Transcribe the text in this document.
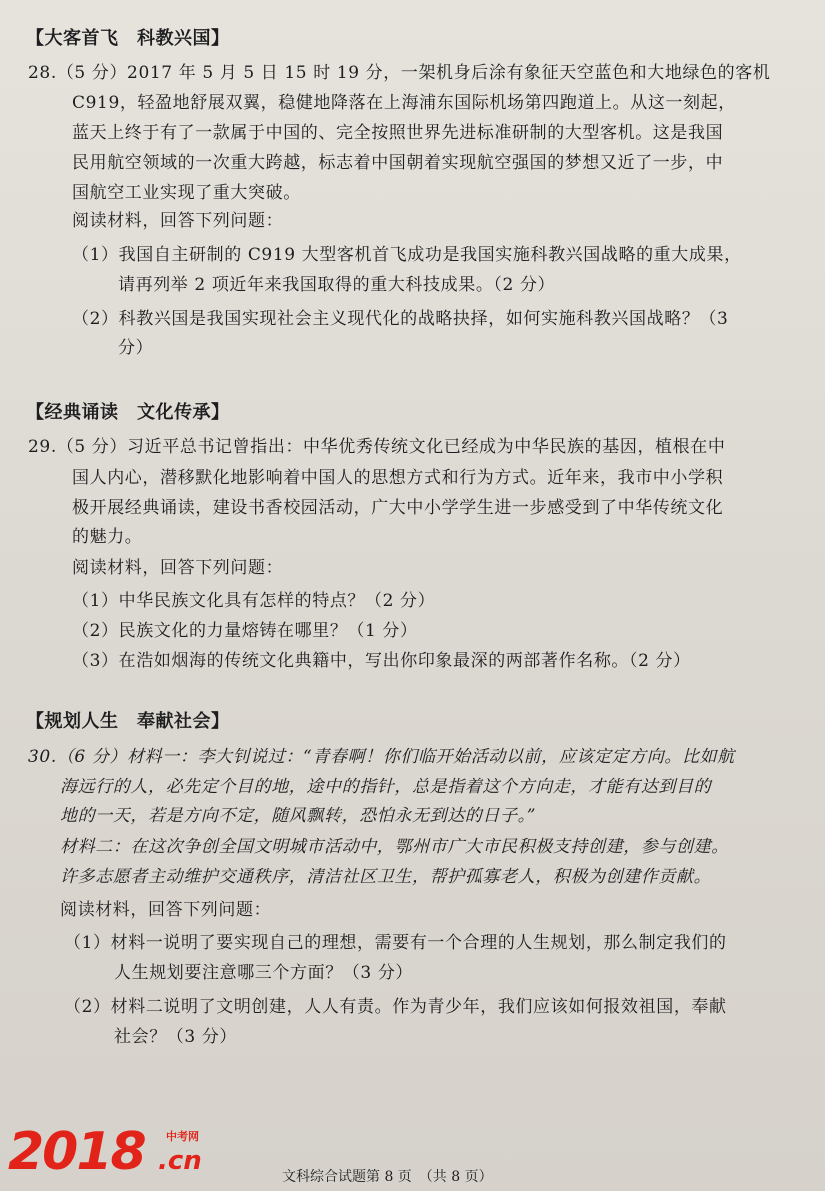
【大客首飞　科教兴国】
28.（5 分）2017 年 5 月 5 日 15 时 19 分，一架机身后涂有象征天空蓝色和大地绿色的客机
C919，轻盈地舒展双翼，稳健地降落在上海浦东国际机场第四跑道上。从这一刻起，
蓝天上终于有了一款属于中国的、完全按照世界先进标准研制的大型客机。这是我国
民用航空领域的一次重大跨越，标志着中国朝着实现航空强国的梦想又近了一步，中
国航空工业实现了重大突破。
阅读材料，回答下列问题：
（1）我国自主研制的 C919 大型客机首飞成功是我国实施科教兴国战略的重大成果，
请再列举 2 项近年来我国取得的重大科技成果。（2 分）
（2）科教兴国是我国实现社会主义现代化的战略抉择，如何实施科教兴国战略？（3
分）
【经典诵读　文化传承】
29.（5 分）习近平总书记曾指出：中华优秀传统文化已经成为中华民族的基因，植根在中
国人内心，潜移默化地影响着中国人的思想方式和行为方式。近年来，我市中小学积
极开展经典诵读，建设书香校园活动，广大中小学学生进一步感受到了中华传统文化
的魅力。
阅读材料，回答下列问题：
（1）中华民族文化具有怎样的特点？（2 分）
（2）民族文化的力量熔铸在哪里？（1 分）
（3）在浩如烟海的传统文化典籍中，写出你印象最深的两部著作名称。（2 分）
【规划人生　奉献社会】
30.（6 分）材料一：李大钊说过：“青春啊！你们临开始活动以前，应该定定方向。比如航
海远行的人，必先定个目的地，途中的指针，总是指着这个方向走，才能有达到目的
地的一天，若是方向不定，随风飘转，恐怕永无到达的日子。”
材料二：在这次争创全国文明城市活动中，鄂州市广大市民积极支持创建，参与创建。
许多志愿者主动维护交通秩序，清洁社区卫生，帮护孤寡老人，积极为创建作贡献。
阅读材料，回答下列问题：
（1）材料一说明了要实现自己的理想，需要有一个合理的人生规划，那么制定我们的
人生规划要注意哪三个方面？（3 分）
（2）材料二说明了文明创建，人人有责。作为青少年，我们应该如何报效祖国，奉献
社会？（3 分）
2018 中考网
.cn
文科综合试题第 8 页　（共 8 页）
